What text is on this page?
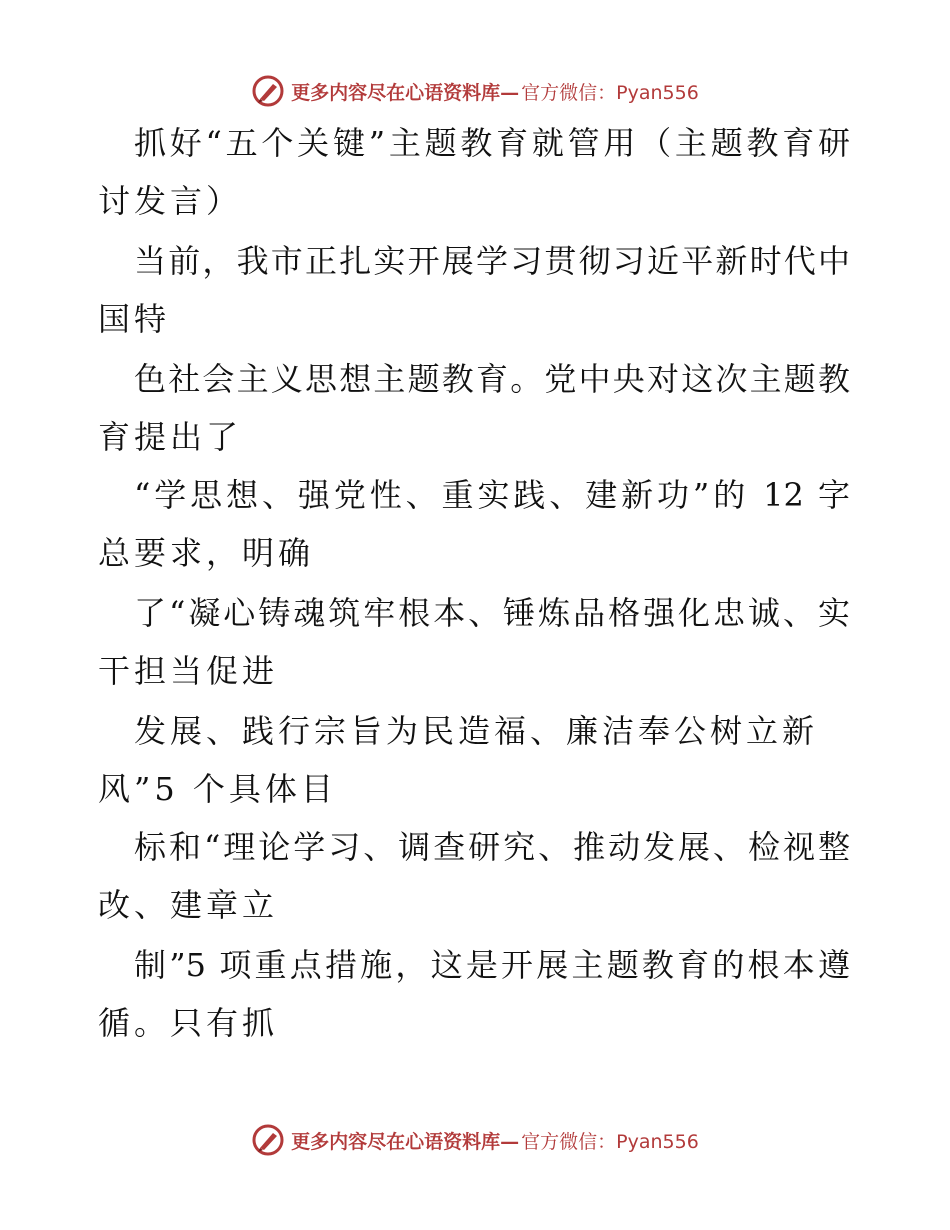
更多内容尽在心语资料库— 官方微信：Pyan556
抓好“五个关键”主题教育就管用（主题教育研
讨发言）
当前，我市正扎实开展学习贯彻习近平新时代中
国特
色社会主义思想主题教育。党中央对这次主题教
育提出了
“学思想、强党性、重实践、建新功”的 12 字
总要求，明确
了“凝心铸魂筑牢根本、锤炼品格强化忠诚、实
干担当促进
发展、践行宗旨为民造福、廉洁奉公树立新
风”5 个具体目
标和“理论学习、调查研究、推动发展、检视整
改、建章立
制”5 项重点措施，这是开展主题教育的根本遵
循。只有抓
更多内容尽在心语资料库— 官方微信：Pyan556
